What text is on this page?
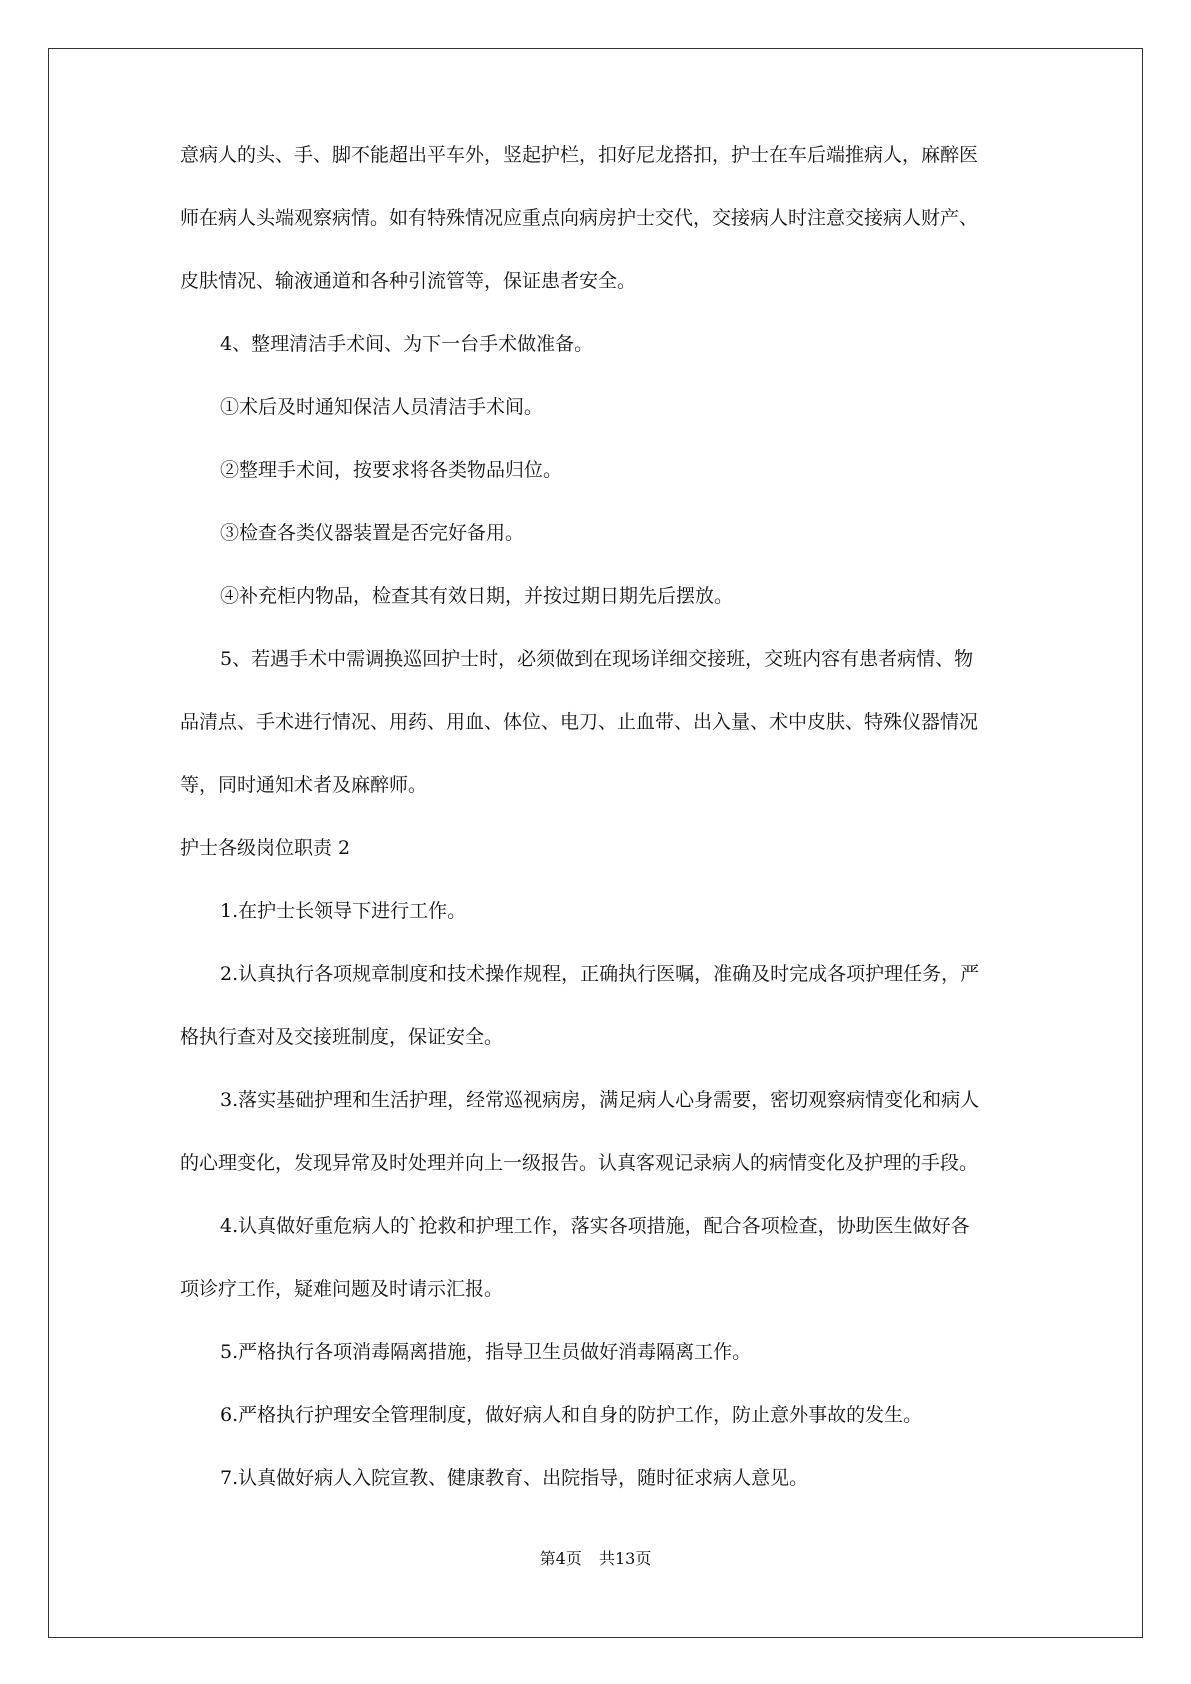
意病人的头、手、脚不能超出平车外，竖起护栏，扣好尼龙搭扣，护士在车后端推病人，麻醉医

师在病人头端观察病情。如有特殊情况应重点向病房护士交代，交接病人时注意交接病人财产、

皮肤情况、输液通道和各种引流管等，保证患者安全。

4、整理清洁手术间、为下一台手术做准备。

①术后及时通知保洁人员清洁手术间。

②整理手术间，按要求将各类物品归位。

③检查各类仪器装置是否完好备用。

④补充柜内物品，检查其有效日期，并按过期日期先后摆放。

5、若遇手术中需调换巡回护士时，必须做到在现场详细交接班，交班内容有患者病情、物

品清点、手术进行情况、用药、用血、体位、电刀、止血带、出入量、术中皮肤、特殊仪器情况

等，同时通知术者及麻醉师。

护士各级岗位职责 2

1.在护士长领导下进行工作。

2.认真执行各项规章制度和技术操作规程，正确执行医嘱，准确及时完成各项护理任务，严

格执行查对及交接班制度，保证安全。

3.落实基础护理和生活护理，经常巡视病房，满足病人心身需要，密切观察病情变化和病人

的心理变化，发现异常及时处理并向上一级报告。认真客观记录病人的病情变化及护理的手段。

4.认真做好重危病人的`抢救和护理工作，落实各项措施，配合各项检查，协助医生做好各

项诊疗工作，疑难问题及时请示汇报。

5.严格执行各项消毒隔离措施，指导卫生员做好消毒隔离工作。

6.严格执行护理安全管理制度，做好病人和自身的防护工作，防止意外事故的发生。

7.认真做好病人入院宣教、健康教育、出院指导，随时征求病人意见。

第4页 共13页
